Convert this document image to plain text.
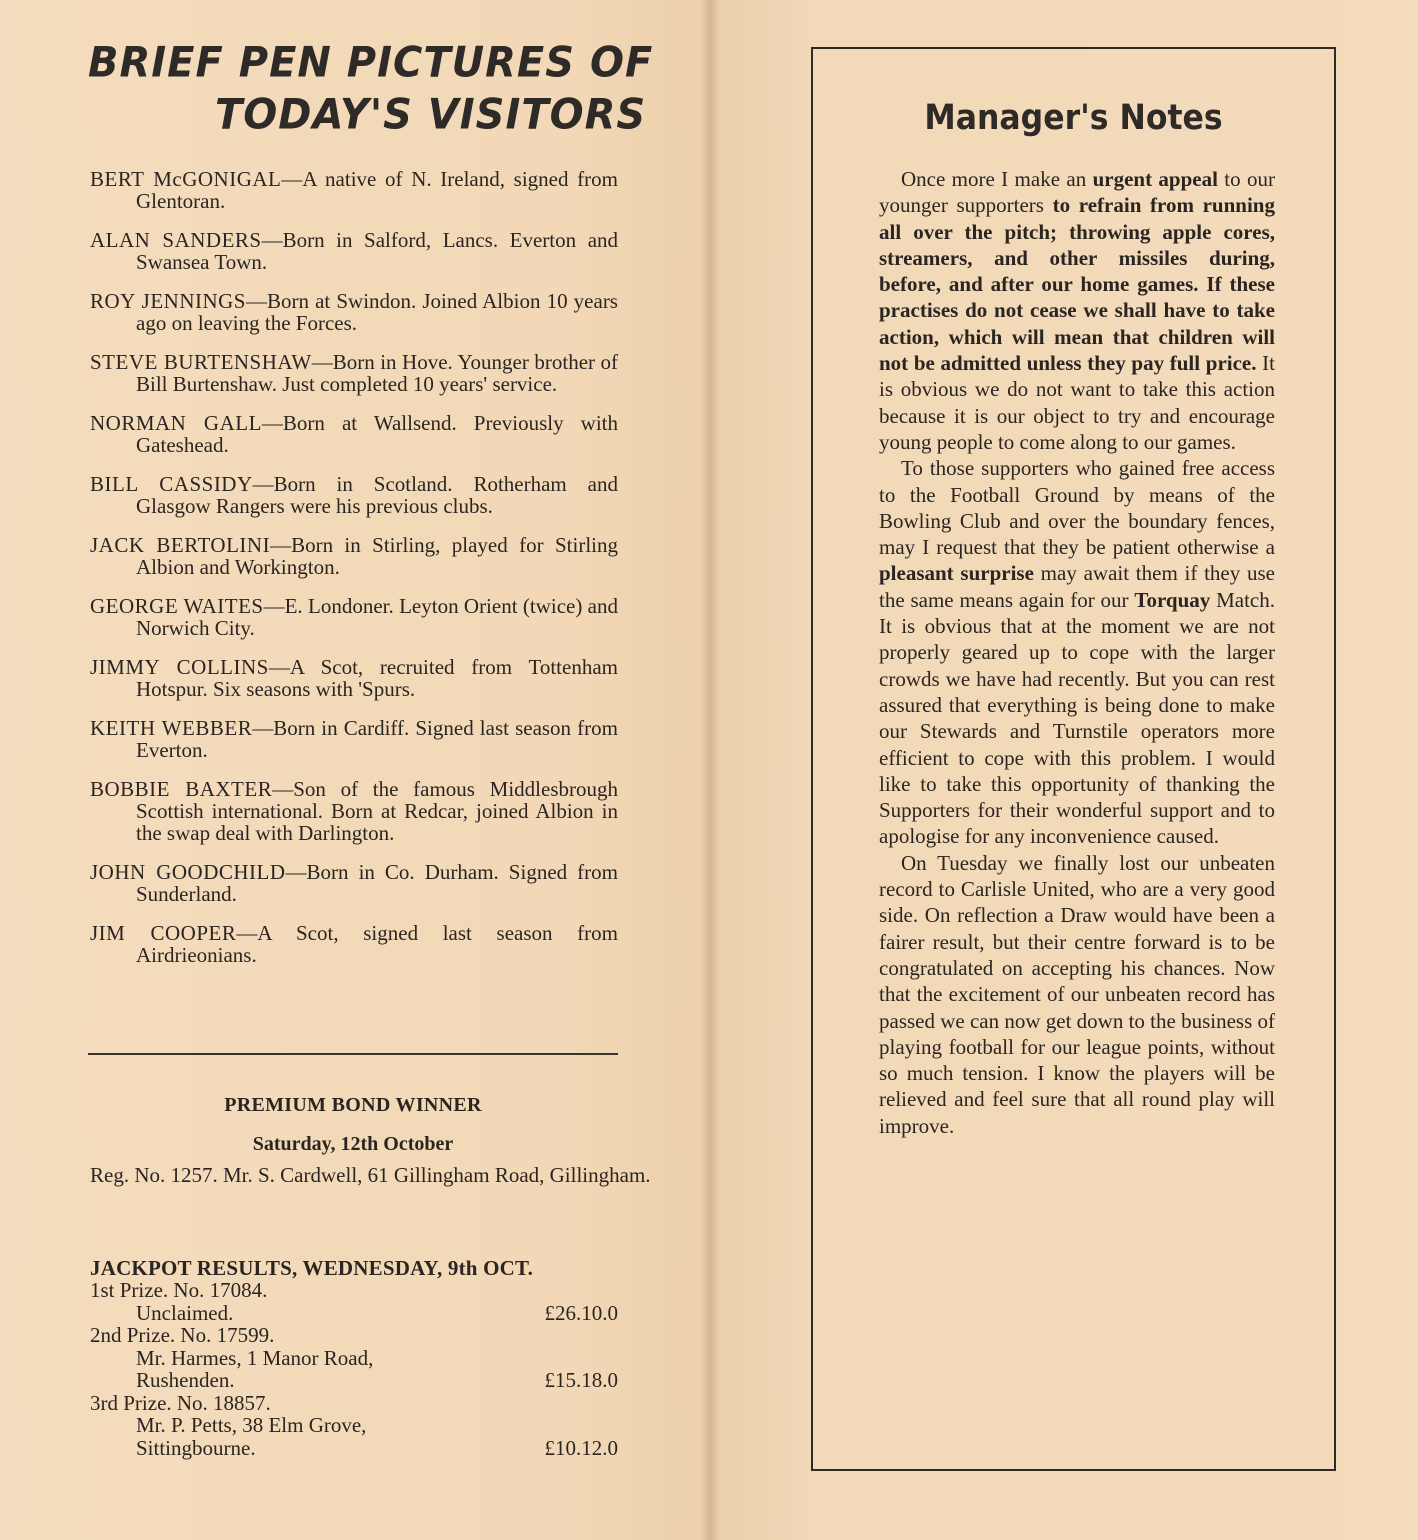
BRIEF PEN PICTURES OF
TODAY'S VISITORS
BERT McGONIGAL—A native of N. Ireland, signed from Glentoran.
ALAN SANDERS—Born in Salford, Lancs. Everton and Swansea Town.
ROY JENNINGS—Born at Swindon. Joined Albion 10 years ago on leaving the Forces.
STEVE BURTENSHAW—Born in Hove. Younger brother of Bill Burtenshaw. Just completed 10 years' service.
NORMAN GALL—Born at Wallsend. Previously with Gateshead.
BILL CASSIDY—Born in Scotland. Rotherham and Glasgow Rangers were his previous clubs.
JACK BERTOLINI—Born in Stirling, played for Stirling Albion and Workington.
GEORGE WAITES—E. Londoner. Leyton Orient (twice) and Norwich City.
JIMMY COLLINS—A Scot, recruited from Tottenham Hotspur. Six seasons with 'Spurs.
KEITH WEBBER—Born in Cardiff. Signed last season from Everton.
BOBBIE BAXTER—Son of the famous Middlesbrough Scottish international. Born at Redcar, joined Albion in the swap deal with Darlington.
JOHN GOODCHILD—Born in Co. Durham. Signed from Sunderland.
JIM COOPER—A Scot, signed last season from Airdrieonians.
PREMIUM BOND WINNER
Saturday, 12th October
Reg. No. 1257. Mr. S. Cardwell, 61 Gillingham Road, Gillingham.
JACKPOT RESULTS, WEDNESDAY, 9th OCT.
1st Prize. No. 17084.
Unclaimed.	£26.10.0
2nd Prize. No. 17599.
Mr. Harmes, 1 Manor Road,
Rushenden.	£15.18.0
3rd Prize. No. 18857.
Mr. P. Petts, 38 Elm Grove,
Sittingbourne.	£10.12.0
Manager's Notes

Once more I make an urgent appeal to our younger supporters to refrain from running all over the pitch; throwing apple cores, streamers, and other missiles during, before, and after our home games. If these practises do not cease we shall have to take action, which will mean that children will not be admitted unless they pay full price. It is obvious we do not want to take this action because it is our object to try and encourage young people to come along to our games.

To those supporters who gained free access to the Football Ground by means of the Bowling Club and over the boundary fences, may I request that they be patient otherwise a pleasant surprise may await them if they use the same means again for our Torquay Match. It is obvious that at the moment we are not properly geared up to cope with the larger crowds we have had recently. But you can rest assured that everything is being done to make our Stewards and Turnstile operators more efficient to cope with this problem. I would like to take this opportunity of thanking the Supporters for their wonderful support and to apologise for any inconvenience caused.

On Tuesday we finally lost our unbeaten record to Carlisle United, who are a very good side. On reflection a Draw would have been a fairer result, but their centre forward is to be congratulated on accepting his chances. Now that the excitement of our unbeaten record has passed we can now get down to the business of playing football for our league points, without so much tension. I know the players will be relieved and feel sure that all round play will improve.
